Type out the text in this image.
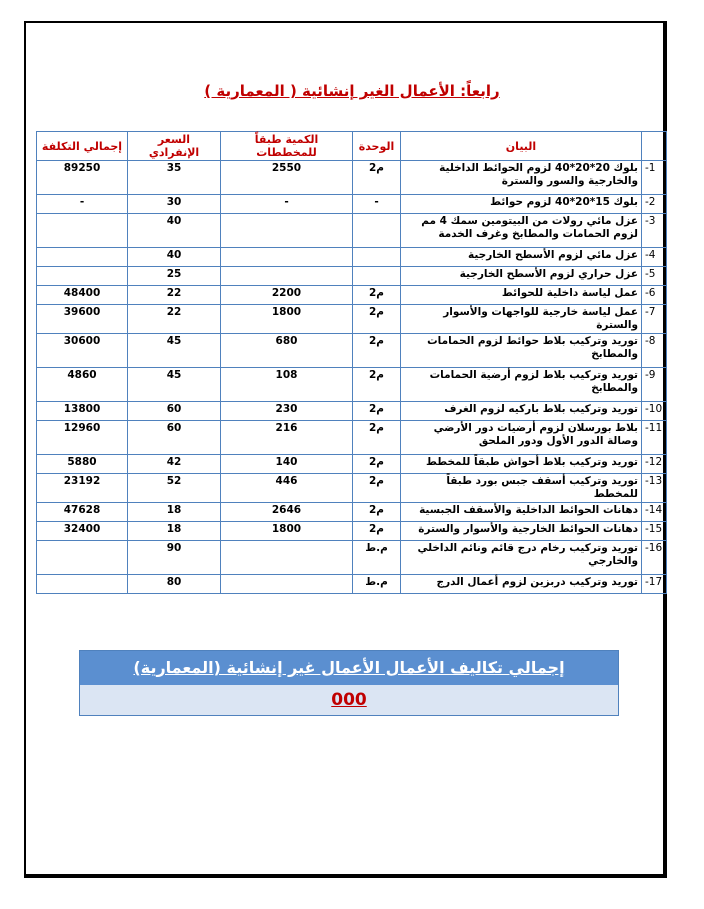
رابعاً: الأعمال الغير إنشائية ( المعمارية )
	البيان	الوحدة	الكمية طبقاً للمخططات	السعر الإنفرادي	إجمالي التكلفة
-1	بلوك 20*20*40 لزوم الحوائط الداخلية والخارجية والسور والسترة	م2	2550	35	89250
-2	بلوك 15*20*40 لزوم حوائط	-	-	30	-
-3	عزل مائي رولات من البيتومين سمك 4 مم لزوم الحمامات والمطابخ وغرف الخدمة			40	
-4	عزل مائي لزوم الأسطح الخارجية			40	
-5	عزل حراري لزوم الأسطح الخارجية			25	
-6	عمل لياسة داخلية للحوائط	م2	2200	22	48400
-7	عمل لياسة خارجية للواجهات والأسوار والسترة	م2	1800	22	39600
-8	توريد وتركيب بلاط حوائط لزوم الحمامات والمطابخ	م2	680	45	30600
-9	توريد وتركيب بلاط لزوم أرضية الحمامات والمطابخ	م2	108	45	4860
-10	توريد وتركيب بلاط باركيه لزوم الغرف	م2	230	60	13800
-11	بلاط بورسلان لزوم أرضيات دور الأرضي وصالة الدور الأول ودور الملحق	م2	216	60	12960
-12	توريد وتركيب بلاط أحواش طبقاً للمخطط	م2	140	42	5880
-13	توريد وتركيب أسقف جبس بورد طبقاً للمخطط	م2	446	52	23192
-14	دهانات الحوائط الداخلية والأسقف الجبسية	م2	2646	18	47628
-15	دهانات الحوائط الخارجية والأسوار والسترة	م2	1800	18	32400
-16	توريد وتركيب رخام درج قائم ونائم الداخلي والخارجي	م.ط		90	
-17	توريد وتركيب دربزين لزوم أعمال الدرج	م.ط		80	
إجمالي تكاليف الأعمال الأعمال غير إنشائية (المعمارية)
000
